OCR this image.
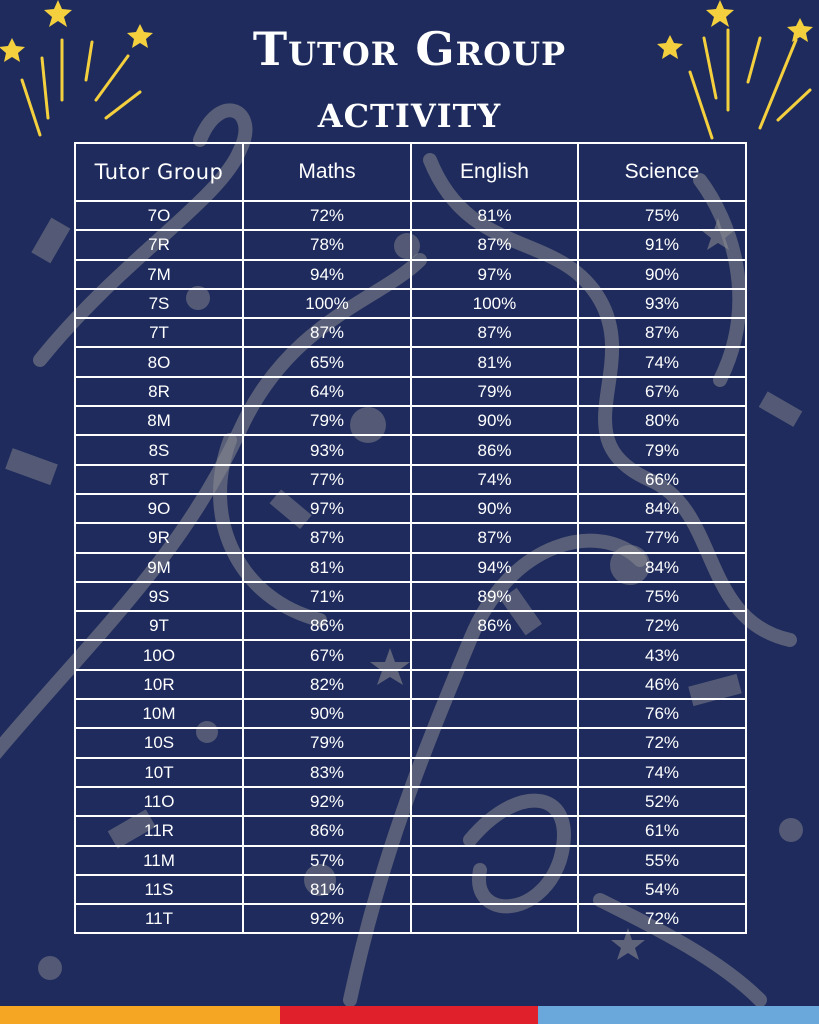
Tutor Group
activity
Tutor Group	Maths	English	Science
7O	72%	81%	75%
7R	78%	87%	91%
7M	94%	97%	90%
7S	100%	100%	93%
7T	87%	87%	87%
8O	65%	81%	74%
8R	64%	79%	67%
8M	79%	90%	80%
8S	93%	86%	79%
8T	77%	74%	66%
9O	97%	90%	84%
9R	87%	87%	77%
9M	81%	94%	84%
9S	71%	89%	75%
9T	86%	86%	72%
10O	67%		43%
10R	82%		46%
10M	90%		76%
10S	79%		72%
10T	83%		74%
11O	92%		52%
11R	86%		61%
11M	57%		55%
11S	81%		54%
11T	92%		72%
